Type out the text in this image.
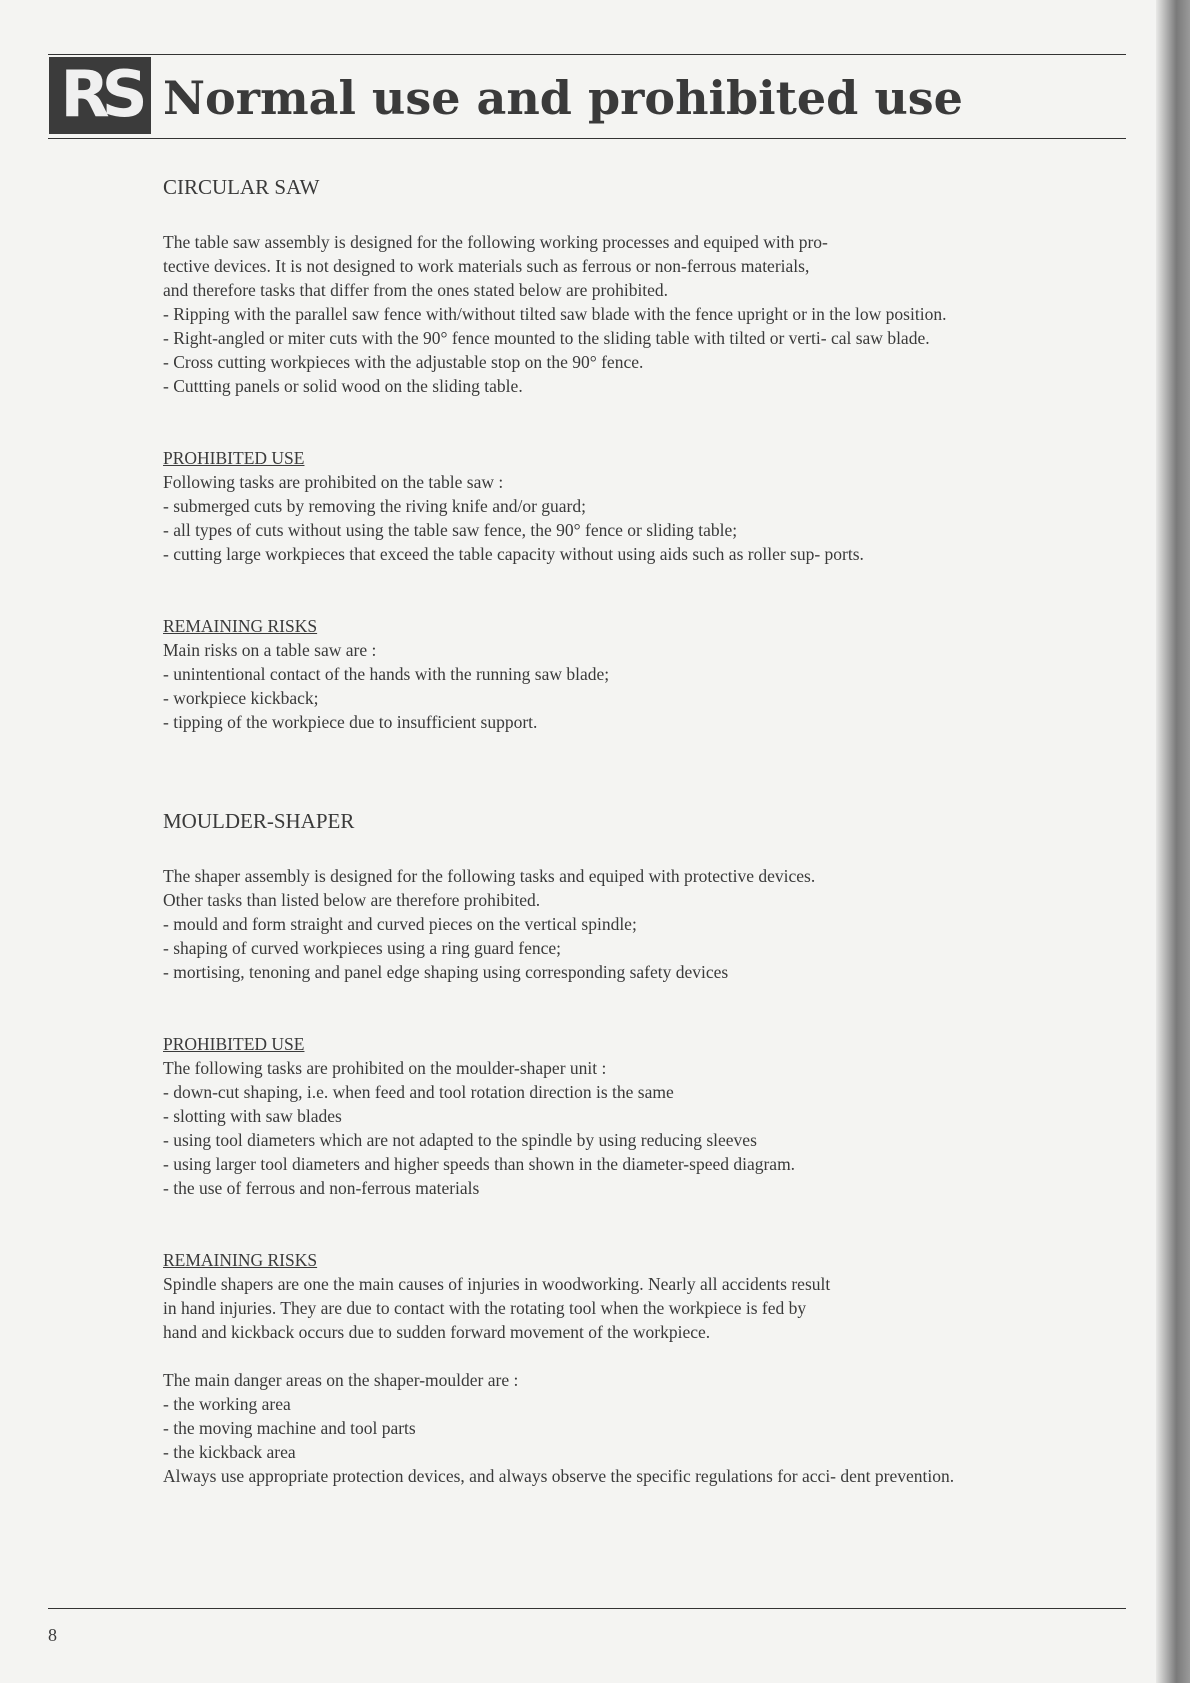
RS Normal use and prohibited use
CIRCULAR SAW

The table saw assembly is designed for the following working processes and equiped with pro-

tective devices. It is not designed to work materials such as ferrous or non-ferrous materials,

and therefore tasks that differ from the ones stated below are prohibited.

- Ripping with the parallel saw fence with/without tilted saw blade with the fence upright or in the low position.

- Right-angled or miter cuts with the 90° fence mounted to the sliding table with tilted or verti- cal saw blade.

- Cross cutting workpieces with the adjustable stop on the 90° fence.

- Cuttting panels or solid wood on the sliding table.

PROHIBITED USE

Following tasks are prohibited on the table saw :

- submerged cuts by removing the riving knife and/or guard;

- all types of cuts without using the table saw fence, the 90° fence or sliding table;

- cutting large workpieces that exceed the table capacity without using aids such as roller sup- ports.

REMAINING RISKS

Main risks on a table saw are :

- unintentional contact of the hands with the running saw blade;

- workpiece kickback;

- tipping of the workpiece due to insufficient support.

MOULDER-SHAPER

The shaper assembly is designed for the following tasks and equiped with protective devices.

Other tasks than listed below are therefore prohibited.

- mould and form straight and curved pieces on the vertical spindle;

- shaping of curved workpieces using a ring guard fence;

- mortising, tenoning and panel edge shaping using corresponding safety devices

PROHIBITED USE

The following tasks are prohibited on the moulder-shaper unit :

- down-cut shaping, i.e. when feed and tool rotation direction is the same

- slotting with saw blades

- using tool diameters which are not adapted to the spindle by using reducing sleeves

- using larger tool diameters and higher speeds than shown in the diameter-speed diagram.

- the use of ferrous and non-ferrous materials

REMAINING RISKS

Spindle shapers are one the main causes of injuries in woodworking. Nearly all accidents result

in hand injuries. They are due to contact with the rotating tool when the workpiece is fed by

hand and kickback occurs due to sudden forward movement of the workpiece.

The main danger areas on the shaper-moulder are :

- the working area

- the moving machine and tool parts

- the kickback area

Always use appropriate protection devices, and always observe the specific regulations for acci- dent prevention.

8
